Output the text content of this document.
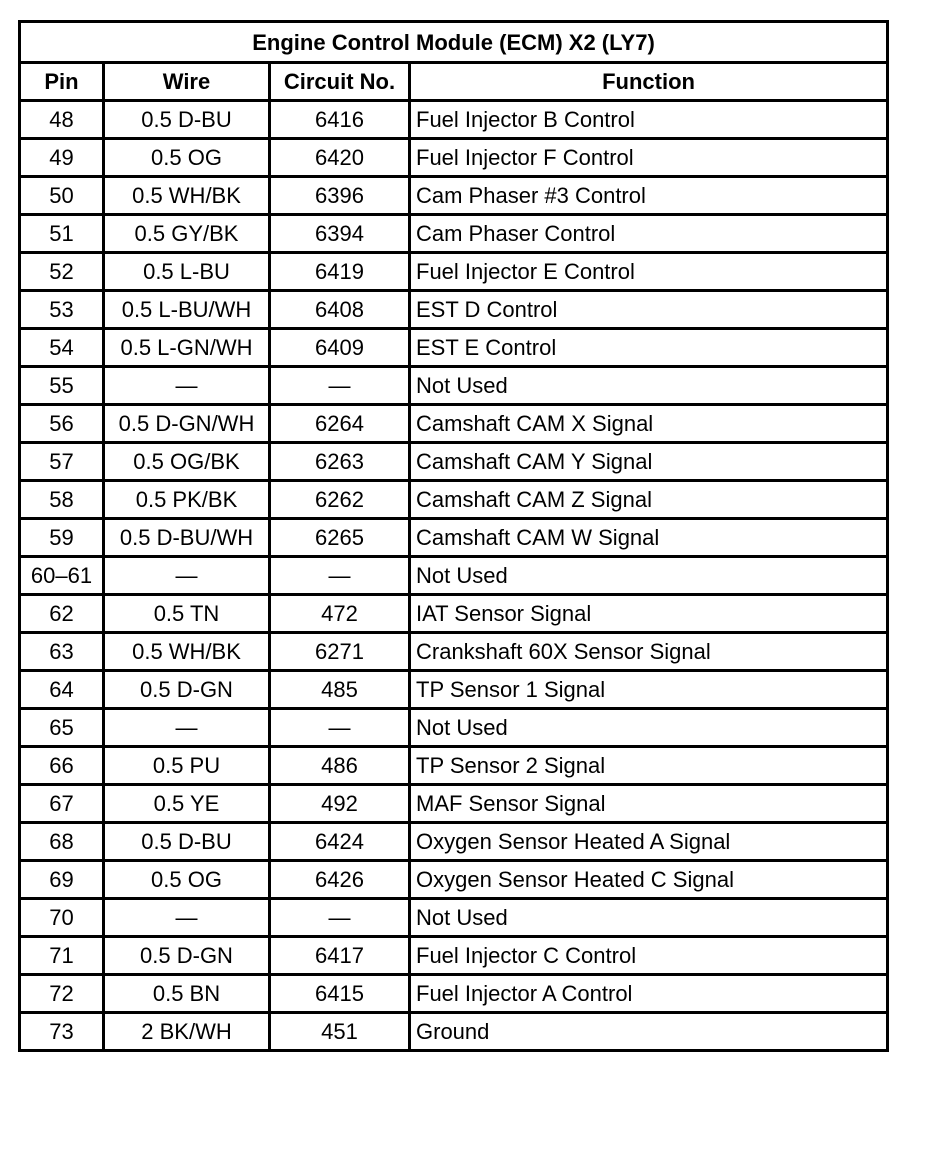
Engine Control Module (ECM) X2 (LY7)			
Pin	Wire	Circuit No.	Function
48	0.5 D-BU	6416	Fuel Injector B Control
49	0.5 OG	6420	Fuel Injector F Control
50	0.5 WH/BK	6396	Cam Phaser #3 Control
51	0.5 GY/BK	6394	Cam Phaser Control
52	0.5 L-BU	6419	Fuel Injector E Control
53	0.5 L-BU/WH	6408	EST D Control
54	0.5 L-GN/WH	6409	EST E Control
55	—	—	Not Used
56	0.5 D-GN/WH	6264	Camshaft CAM X Signal
57	0.5 OG/BK	6263	Camshaft CAM Y Signal
58	0.5 PK/BK	6262	Camshaft CAM Z Signal
59	0.5 D-BU/WH	6265	Camshaft CAM W Signal
60–61	—	—	Not Used
62	0.5 TN	472	IAT Sensor Signal
63	0.5 WH/BK	6271	Crankshaft 60X Sensor Signal
64	0.5 D-GN	485	TP Sensor 1 Signal
65	—	—	Not Used
66	0.5 PU	486	TP Sensor 2 Signal
67	0.5 YE	492	MAF Sensor Signal
68	0.5 D-BU	6424	Oxygen Sensor Heated A Signal
69	0.5 OG	6426	Oxygen Sensor Heated C Signal
70	—	—	Not Used
71	0.5 D-GN	6417	Fuel Injector C Control
72	0.5 BN	6415	Fuel Injector A Control
73	2 BK/WH	451	Ground
